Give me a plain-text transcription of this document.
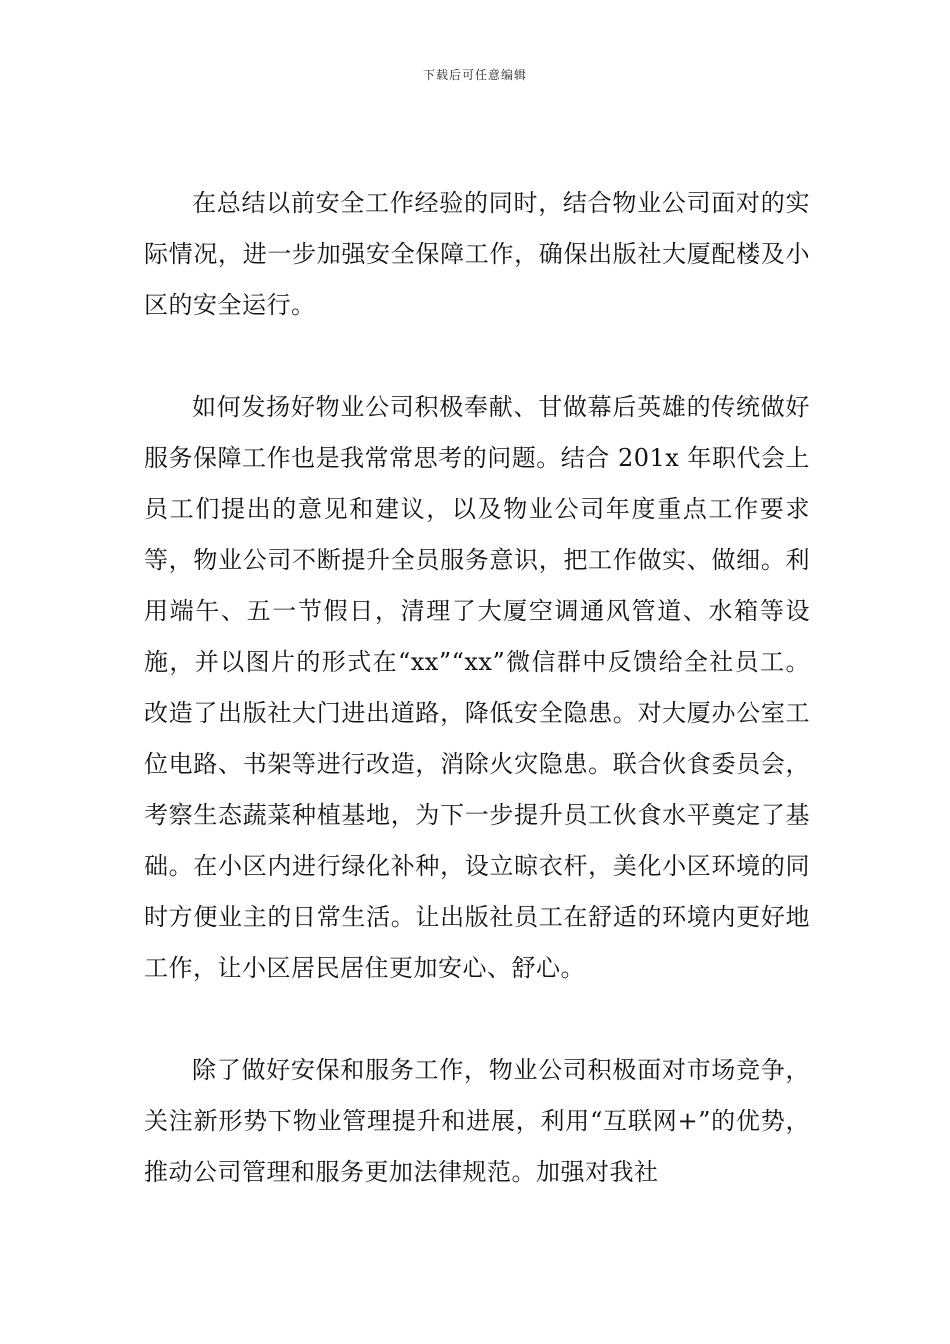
下载后可任意编辑

在总结以前安全工作经验的同时，结合物业公司面对的实际情况，进一步加强安全保障工作，确保出版社大厦配楼及小区的安全运行。

如何发扬好物业公司积极奉献、甘做幕后英雄的传统做好服务保障工作也是我常常思考的问题。结合 201x 年职代会上员工们提出的意见和建议，以及物业公司年度重点工作要求等，物业公司不断提升全员服务意识，把工作做实、做细。利用端午、五一节假日，清理了大厦空调通风管道、水箱等设施，并以图片的形式在“xx”“xx”微信群中反馈给全社员工。改造了出版社大门进出道路，降低安全隐患。对大厦办公室工位电路、书架等进行改造，消除火灾隐患。联合伙食委员会，考察生态蔬菜种植基地，为下一步提升员工伙食水平奠定了基础。在小区内进行绿化补种，设立晾衣杆，美化小区环境的同时方便业主的日常生活。让出版社员工在舒适的环境内更好地工作，让小区居民居住更加安心、舒心。

除了做好安保和服务工作，物业公司积极面对市场竞争，关注新形势下物业管理提升和进展，利用“互联网+”的优势，推动公司管理和服务更加法律规范。加强对我社
